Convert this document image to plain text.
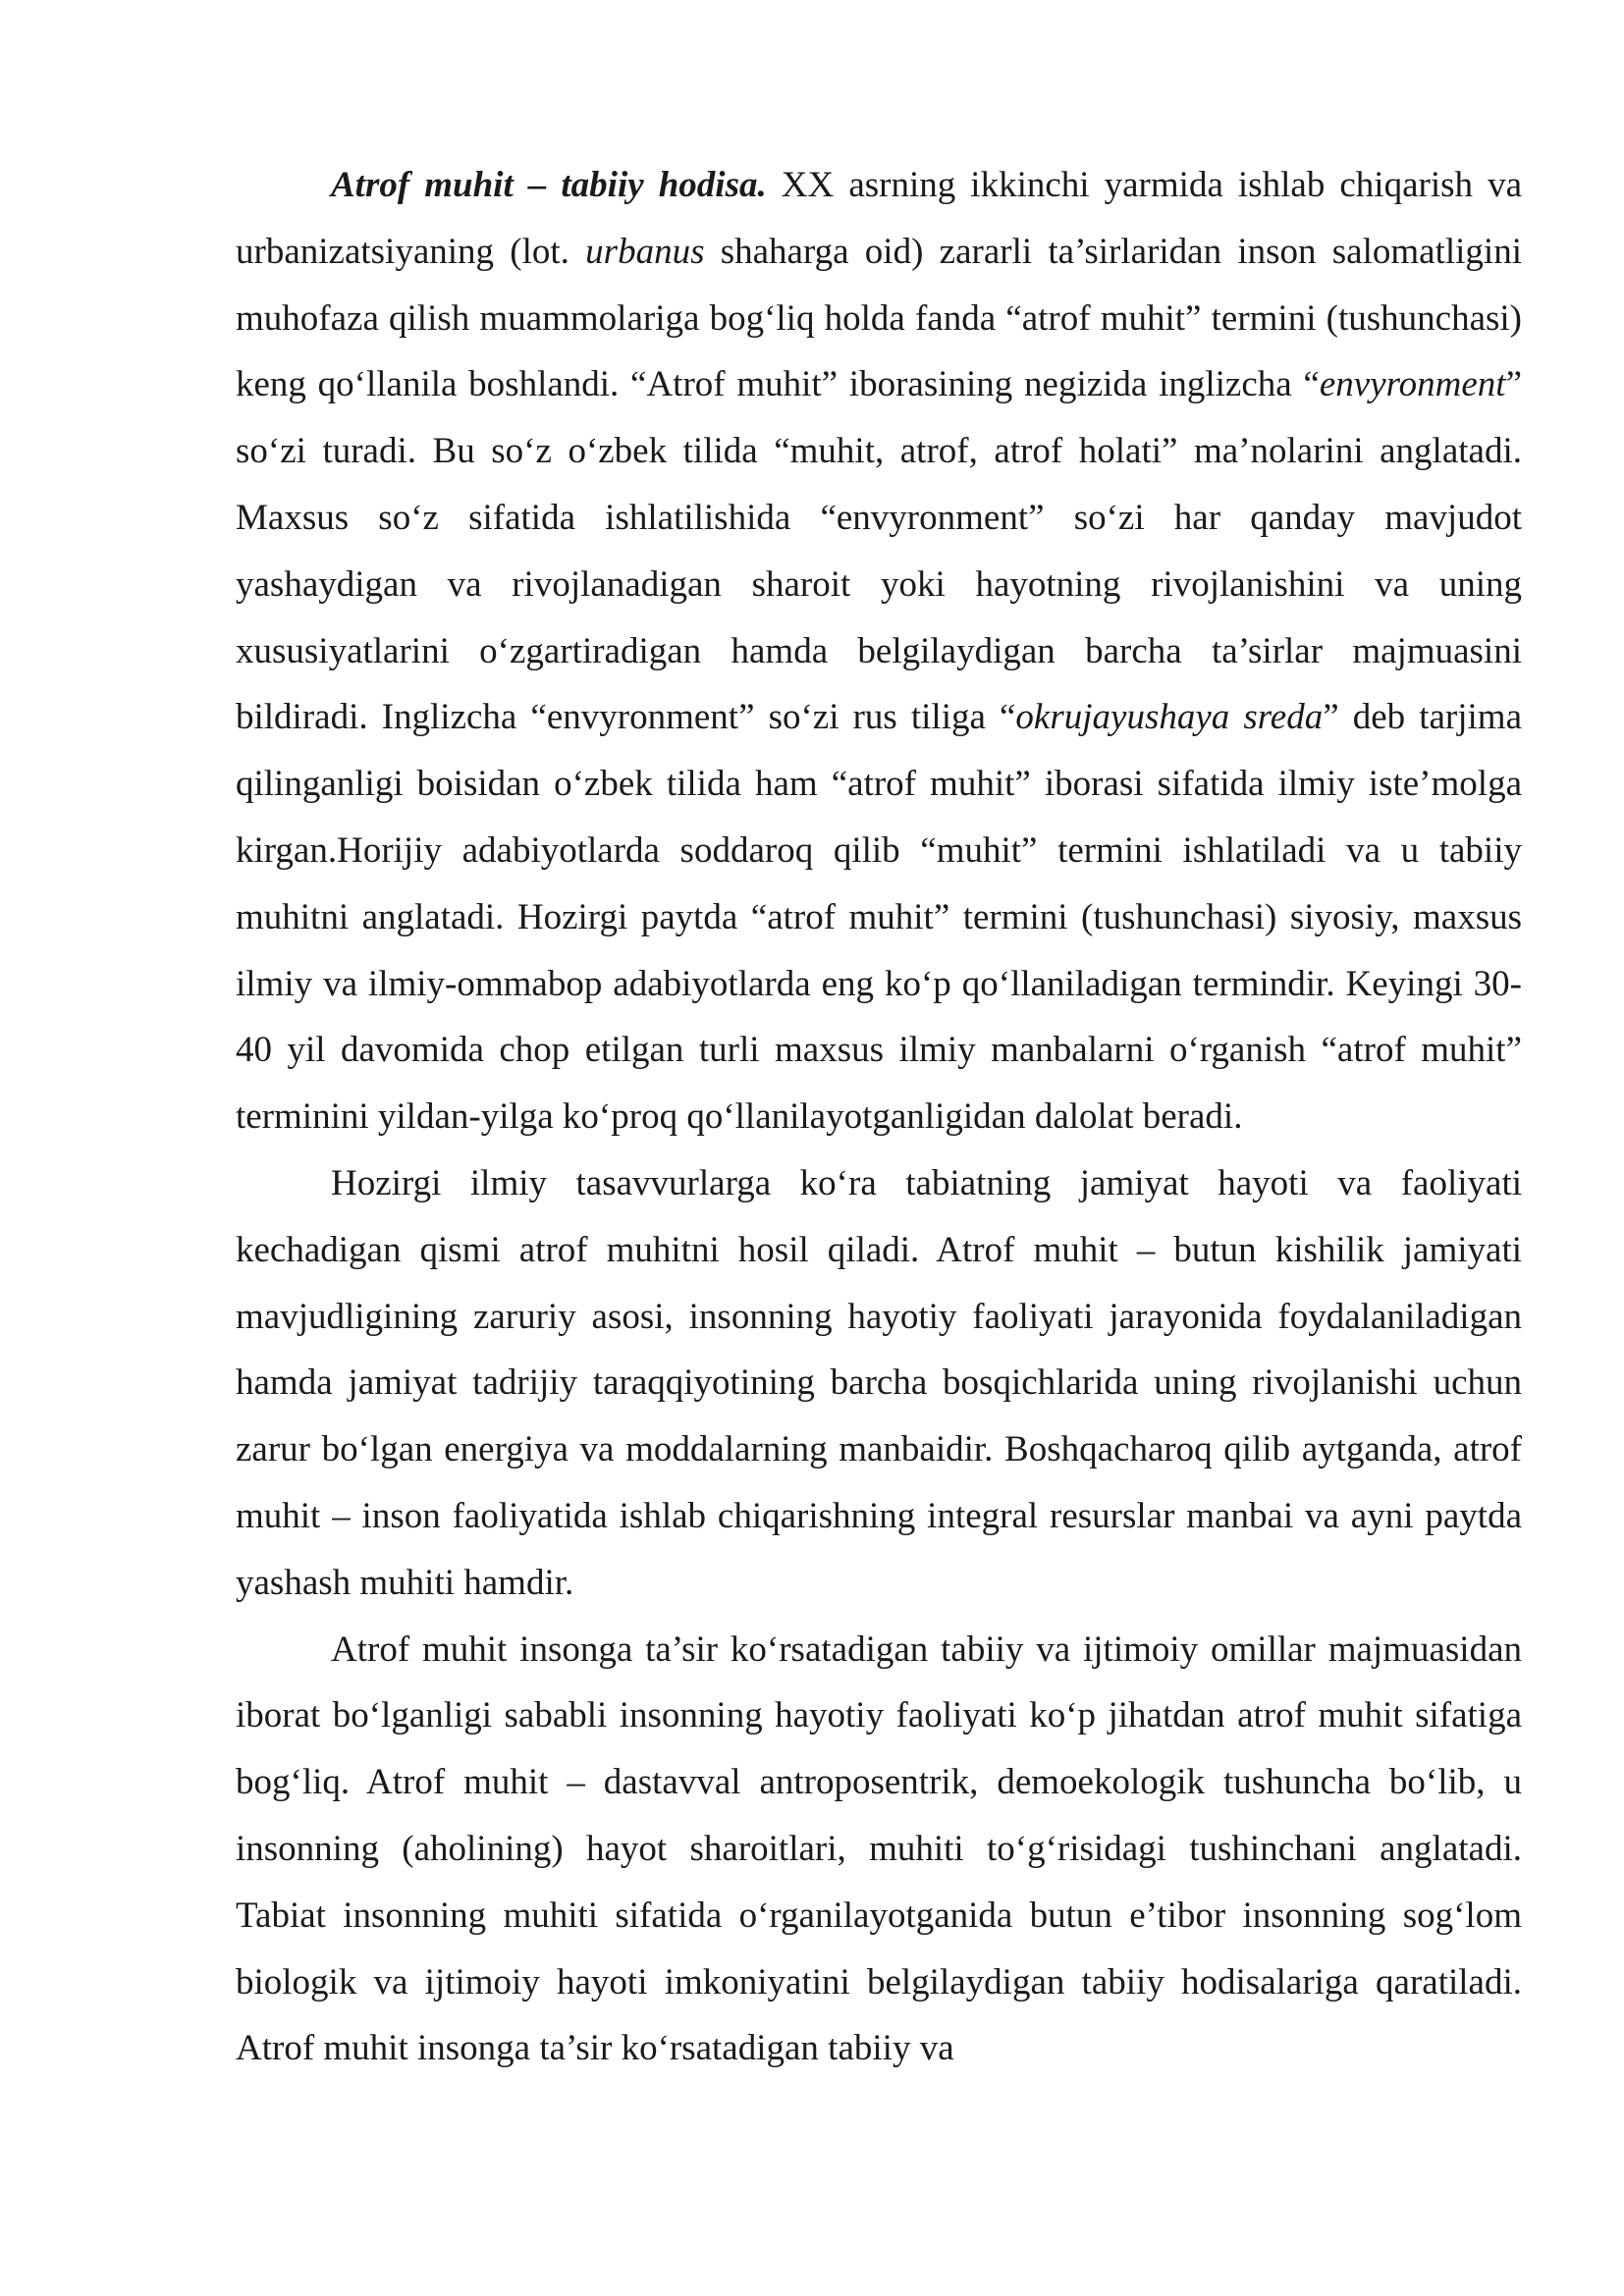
Atrof muhit – tabiiy hodisa. XX asrning ikkinchi yarmida ishlab chiqarish va urbanizatsiyaning (lot. urbanus shaharga oid) zararli ta’sirlaridan inson salomatligini muhofaza qilish muammolariga bog‘liq holda fanda “atrof muhit” termini (tushunchasi) keng qo‘llanila boshlandi. “Atrof muhit” iborasining negizida inglizcha “envyronment” so‘zi turadi. Bu so‘z o‘zbek tilida “muhit, atrof, atrof holati” ma’nolarini anglatadi. Maxsus so‘z sifatida ishlatilishida “envyronment” so‘zi har qanday mavjudot yashaydigan va rivojlanadigan sharoit yoki hayotning rivojlanishini va uning xususiyatlarini o‘zgartiradigan hamda belgilaydigan barcha ta’sirlar majmuasini bildiradi. Inglizcha “envyronment” so‘zi rus tiliga “okrujayushaya sreda” deb tarjima qilinganligi boisidan o‘zbek tilida ham “atrof muhit” iborasi sifatida ilmiy iste’molga kirgan.Horijiy adabiyotlarda soddaroq qilib “muhit” termini ishlatiladi va u tabiiy muhitni anglatadi. Hozirgi paytda “atrof muhit” termini (tushunchasi) siyosiy, maxsus ilmiy va ilmiy-ommabop adabiyotlarda eng ko‘p qo‘llaniladigan termindir. Keyingi 30-40 yil davomida chop etilgan turli maxsus ilmiy manbalarni o‘rganish “atrof muhit” terminini yildan-yilga ko‘proq qo‘llanilayotganligidan dalolat beradi.

Hozirgi ilmiy tasavvurlarga ko‘ra tabiatning jamiyat hayoti va faoliyati kechadigan qismi atrof muhitni hosil qiladi. Atrof muhit – butun kishilik jamiyati mavjudligining zaruriy asosi, insonning hayotiy faoliyati jarayonida foydalaniladigan hamda jamiyat tadrijiy taraqqiyotining barcha bosqichlarida uning rivojlanishi uchun zarur bo‘lgan energiya va moddalarning manbaidir. Boshqacharoq qilib aytganda, atrof muhit – inson faoliyatida ishlab chiqarishning integral resurslar manbai va ayni paytda yashash muhiti hamdir.

Atrof muhit insonga ta’sir ko‘rsatadigan tabiiy va ijtimoiy omillar majmuasidan iborat bo‘lganligi sababli insonning hayotiy faoliyati ko‘p jihatdan atrof muhit sifatiga bog‘liq. Atrof muhit – dastavval antroposentrik, demoekologik tushuncha bo‘lib, u insonning (aholining) hayot sharoitlari, muhiti to‘g‘risidagi tushinchani anglatadi. Tabiat insonning muhiti sifatida o‘rganilayotganida butun e’tibor insonning sog‘lom biologik va ijtimoiy hayoti imkoniyatini belgilaydigan tabiiy hodisalariga qaratiladi. Atrof muhit insonga ta’sir ko‘rsatadigan tabiiy va
